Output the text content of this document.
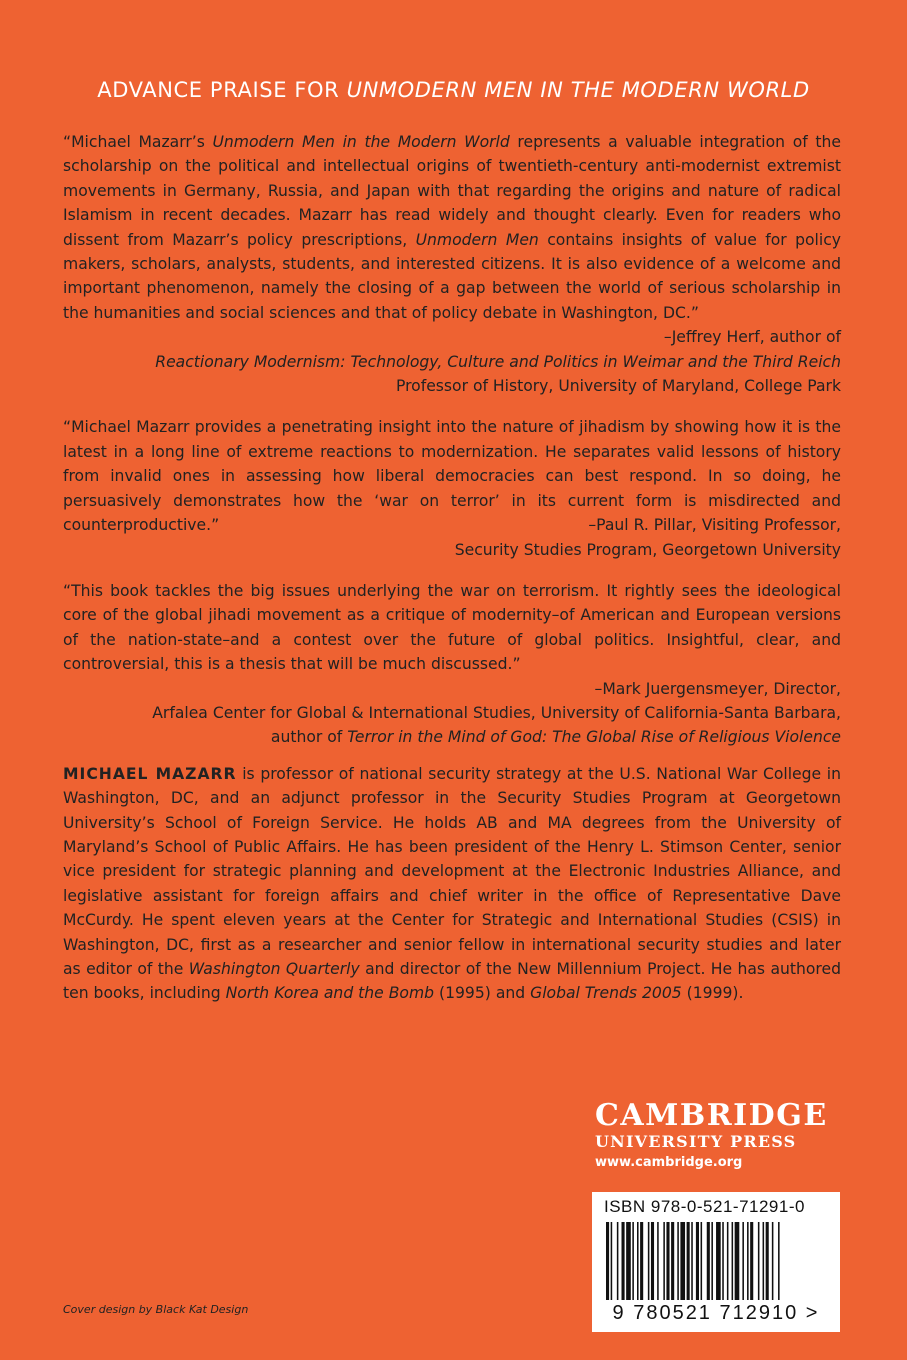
ADVANCE PRAISE FOR UNMODERN MEN IN THE MODERN WORLD

“Michael Mazarr’s Unmodern Men in the Modern World represents a valuable integration of the scholarship on the political and intellectual origins of twentieth-century anti-modernist extremist movements in Germany, Russia, and Japan with that regarding the origins and nature of radical Islamism in recent decades. Mazarr has read widely and thought clearly. Even for readers who dissent from Mazarr’s policy prescriptions, Unmodern Men contains insights of value for policy makers, scholars, analysts, students, and interested citizens. It is also evidence of a welcome and important phenomenon, namely the closing of a gap between the world of serious scholarship in the humanities and social sciences and that of policy debate in Washington, DC.”

–Jeffrey Herf, author of
Reactionary Modernism: Technology, Culture and Politics in Weimar and the Third Reich
Professor of History, University of Maryland, College Park

“Michael Mazarr provides a penetrating insight into the nature of jihadism by showing how it is the latest in a long line of extreme reactions to modernization. He separates valid lessons of history from invalid ones in assessing how liberal democracies can best respond. In so doing, he persuasively demonstrates how the ‘war on terror’ in its current form is misdirected and counterproductive.”	–Paul R. Pillar, Visiting Professor,
Security Studies Program, Georgetown University

“This book tackles the big issues underlying the war on terrorism. It rightly sees the ideological core of the global jihadi movement as a critique of modernity–of American and European versions of the nation-state–and a contest over the future of global politics. Insightful, clear, and controversial, this is a thesis that will be much discussed.”

–Mark Juergensmeyer, Director,
Arfalea Center for Global & International Studies, University of California-Santa Barbara,
author of Terror in the Mind of God: The Global Rise of Religious Violence

MICHAEL MAZARR is professor of national security strategy at the U.S. National War College in Washington, DC, and an adjunct professor in the Security Studies Program at Georgetown University’s School of Foreign Service. He holds AB and MA degrees from the University of Maryland’s School of Public Affairs. He has been president of the Henry L. Stimson Center, senior vice president for strategic planning and development at the Electronic Industries Alliance, and legislative assistant for foreign affairs and chief writer in the office of Representative Dave McCurdy. He spent eleven years at the Center for Strategic and International Studies (CSIS) in Washington, DC, first as a researcher and senior fellow in international security studies and later as editor of the Washington Quarterly and director of the New Millennium Project. He has authored ten books, including North Korea and the Bomb (1995) and Global Trends 2005 (1999).

CAMBRIDGE
UNIVERSITY PRESS
www.cambridge.org
ISBN 978-0-521-71291-0
9 780521 712910 >
Cover design by Black Kat Design
